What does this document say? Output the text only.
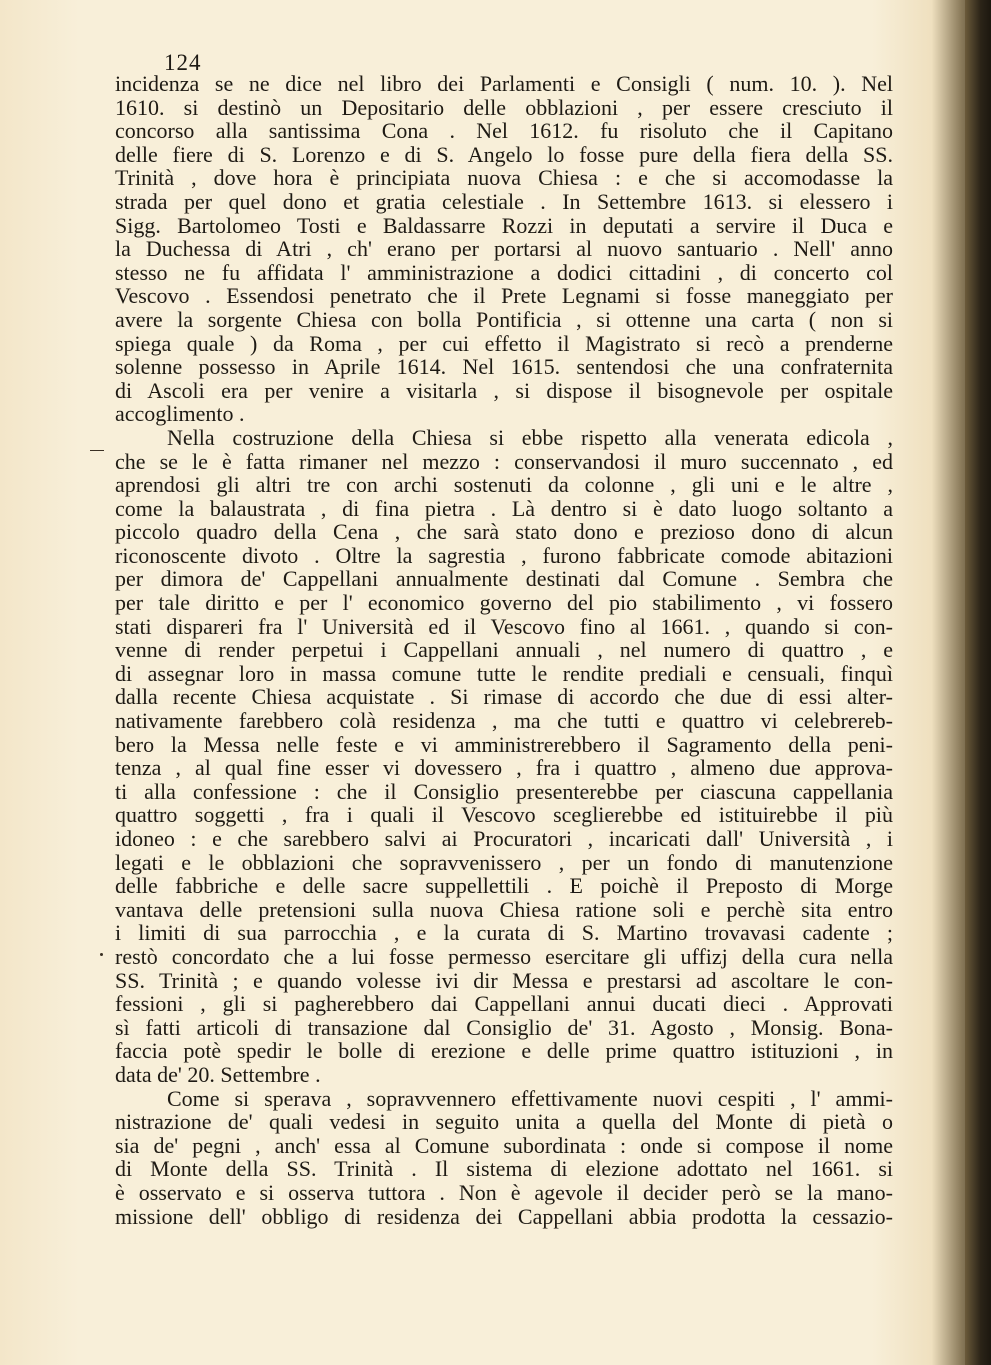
124
incidenza se ne dice nel libro dei Parlamenti e Consigli ( num. 10. ). Nel
1610. si destinò un Depositario delle obblazioni , per essere cresciuto il
concorso alla santissima Cona . Nel 1612. fu risoluto che il Capitano
delle fiere di S. Lorenzo e di S. Angelo lo fosse pure della fiera della SS.
Trinità , dove hora è principiata nuova Chiesa : e che si accomodasse la
strada per quel dono et gratia celestiale . In Settembre 1613. si elessero i
Sigg. Bartolomeo Tosti e Baldassarre Rozzi in deputati a servire il Duca e
la Duchessa di Atri , ch' erano per portarsi al nuovo santuario . Nell' anno
stesso ne fu affidata l' amministrazione a dodici cittadini , di concerto col
Vescovo . Essendosi penetrato che il Prete Legnami si fosse maneggiato per
avere la sorgente Chiesa con bolla Pontificia , si ottenne una carta ( non si
spiega quale ) da Roma , per cui effetto il Magistrato si recò a prenderne
solenne possesso in Aprile 1614. Nel 1615. sentendosi che una confraternita
di Ascoli era per venire a visitarla , si dispose il bisognevole per ospitale
accoglimento .
Nella costruzione della Chiesa si ebbe rispetto alla venerata edicola ,
che se le è fatta rimaner nel mezzo : conservandosi il muro succennato , ed
aprendosi gli altri tre con archi sostenuti da colonne , gli uni e le altre ,
come la balaustrata , di fina pietra . Là dentro si è dato luogo soltanto a
piccolo quadro della Cena , che sarà stato dono e prezioso dono di alcun
riconoscente divoto . Oltre la sagrestia , furono fabbricate comode abitazioni
per dimora de' Cappellani annualmente destinati dal Comune . Sembra che
per tale diritto e per l' economico governo del pio stabilimento , vi fossero
stati dispareri fra l' Università ed il Vescovo fino al 1661. , quando si con-
venne di render perpetui i Cappellani annuali , nel numero di quattro , e
di assegnar loro in massa comune tutte le rendite prediali e censuali, finquì
dalla recente Chiesa acquistate . Si rimase di accordo che due di essi alter-
nativamente farebbero colà residenza , ma che tutti e quattro vi celebrereb-
bero la Messa nelle feste e vi amministrerebbero il Sagramento della peni-
tenza , al qual fine esser vi dovessero , fra i quattro , almeno due approva-
ti alla confessione : che il Consiglio presenterebbe per ciascuna cappellania
quattro soggetti , fra i quali il Vescovo sceglierebbe ed istituirebbe il più
idoneo : e che sarebbero salvi ai Procuratori , incaricati dall' Università , i
legati e le obblazioni che sopravvenissero , per un fondo di manutenzione
delle fabbriche e delle sacre suppellettili . E poichè il Preposto di Morge
vantava delle pretensioni sulla nuova Chiesa ratione soli e perchè sita entro
i limiti di sua parrocchia , e la curata di S. Martino trovavasi cadente ;
restò concordato che a lui fosse permesso esercitare gli uffizj della cura nella
SS. Trinità ; e quando volesse ivi dir Messa e prestarsi ad ascoltare le con-
fessioni , gli si pagherebbero dai Cappellani annui ducati dieci . Approvati
sì fatti articoli di transazione dal Consiglio de' 31. Agosto , Monsig. Bona-
faccia potè spedir le bolle di erezione e delle prime quattro istituzioni , in
data de' 20. Settembre .
Come si sperava , sopravvennero effettivamente nuovi cespiti , l' ammi-
nistrazione de' quali vedesi in seguito unita a quella del Monte di pietà o
sia de' pegni , anch' essa al Comune subordinata : onde si compose il nome
di Monte della SS. Trinità . Il sistema di elezione adottato nel 1661. si
è osservato e si osserva tuttora . Non è agevole il decider però se la mano-
missione dell' obbligo di residenza dei Cappellani abbia prodotta la cessazio-
